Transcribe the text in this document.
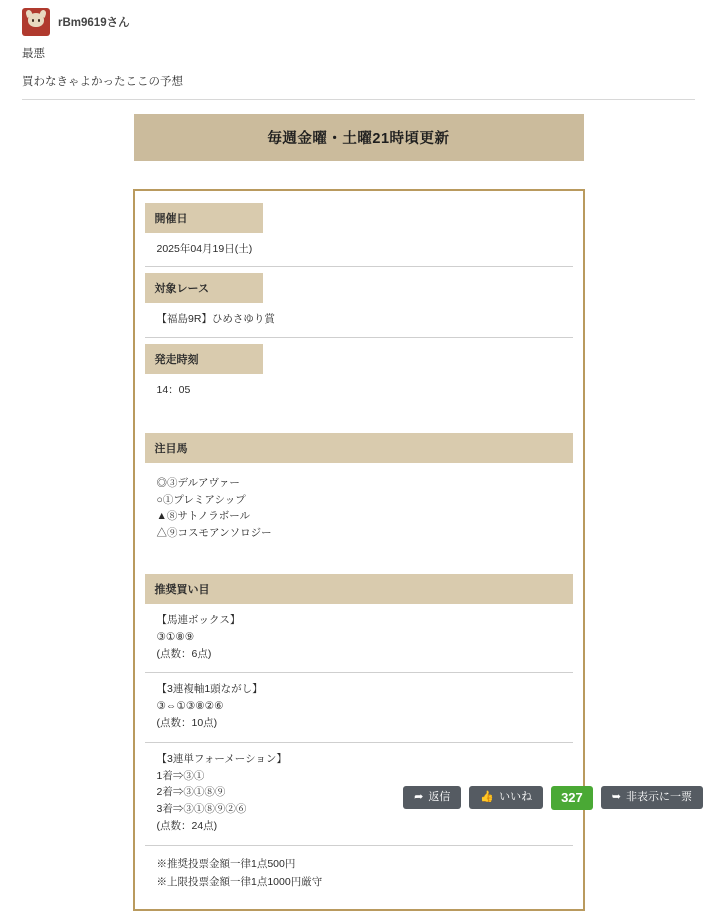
rBm9619さん
最悪
買わなきゃよかったここの予想
毎週金曜・土曜21時頃更新
開催日
2025年04月19日(土)
対象レース
【福島9R】ひめさゆり賞
発走時刻
14：05
注目馬
◎③デルアヴァー
○①プレミアシップ
▲⑧サトノラボール
△⑨コスモアンソロジー
推奨買い目
【馬連ボックス】
③①⑧⑨
(点数：6点)
【3連複軸1頭ながし】
③⇔①③⑧②⑥
(点数：10点)
【3連単フォーメーション】
1着⇒③①
2着⇒③①⑧⑨
3着⇒③①⑧⑨②⑥
(点数：24点)
※推奨投票金額一律1点500円
※上限投票金額一律1点1000円厳守
➦ 返信	👍 いいね	327	➥ 非表示に一票
